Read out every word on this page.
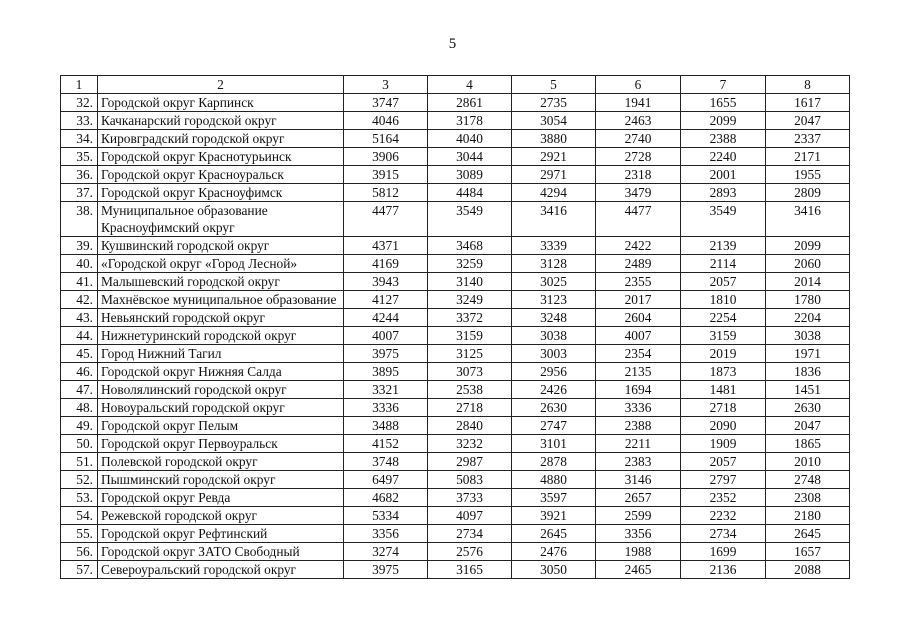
5
1	2	3	4	5	6	7	8
32.	Городской округ Карпинск	3747	2861	2735	1941	1655	1617
33.	Качканарский городской округ	4046	3178	3054	2463	2099	2047
34.	Кировградский городской округ	5164	4040	3880	2740	2388	2337
35.	Городской округ Краснотурьинск	3906	3044	2921	2728	2240	2171
36.	Городской округ Красноуральск	3915	3089	2971	2318	2001	1955
37.	Городской округ Красноуфимск	5812	4484	4294	3479	2893	2809
38.	Муниципальное образование Красноуфимский округ	4477	3549	3416	4477	3549	3416
39.	Кушвинский городской округ	4371	3468	3339	2422	2139	2099
40.	«Городской округ «Город Лесной»	4169	3259	3128	2489	2114	2060
41.	Малышевский городской округ	3943	3140	3025	2355	2057	2014
42.	Махнёвское муниципальное образование	4127	3249	3123	2017	1810	1780
43.	Невьянский городской округ	4244	3372	3248	2604	2254	2204
44.	Нижнетуринский городской округ	4007	3159	3038	4007	3159	3038
45.	Город Нижний Тагил	3975	3125	3003	2354	2019	1971
46.	Городской округ Нижняя Салда	3895	3073	2956	2135	1873	1836
47.	Новолялинский городской округ	3321	2538	2426	1694	1481	1451
48.	Новоуральский городской округ	3336	2718	2630	3336	2718	2630
49.	Городской округ Пелым	3488	2840	2747	2388	2090	2047
50.	Городской округ Первоуральск	4152	3232	3101	2211	1909	1865
51.	Полевской городской округ	3748	2987	2878	2383	2057	2010
52.	Пышминский городской округ	6497	5083	4880	3146	2797	2748
53.	Городской округ Ревда	4682	3733	3597	2657	2352	2308
54.	Режевской городской округ	5334	4097	3921	2599	2232	2180
55.	Городской округ Рефтинский	3356	2734	2645	3356	2734	2645
56.	Городской округ ЗАТО Свободный	3274	2576	2476	1988	1699	1657
57.	Североуральский городской округ	3975	3165	3050	2465	2136	2088
